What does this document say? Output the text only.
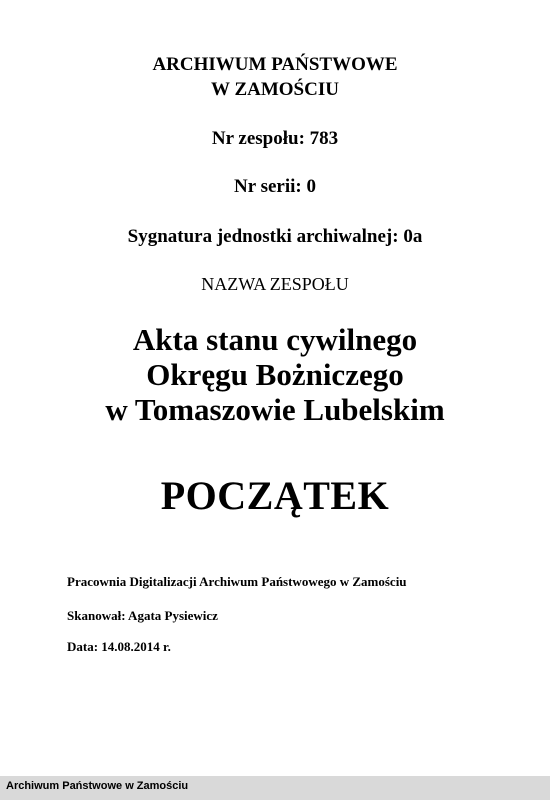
ARCHIWUM PAŃSTWOWE
W ZAMOŚCIU
Nr zespołu: 783
Nr serii: 0
Sygnatura jednostki archiwalnej: 0a
NAZWA ZESPOŁU
Akta stanu cywilnego
Okręgu Bożniczego
w Tomaszowie Lubelskim
POCZĄTEK
Pracownia Digitalizacji Archiwum Państwowego w Zamościu
Skanował: Agata Pysiewicz
Data: 14.08.2014 r.
Archiwum Państwowe w Zamościu
